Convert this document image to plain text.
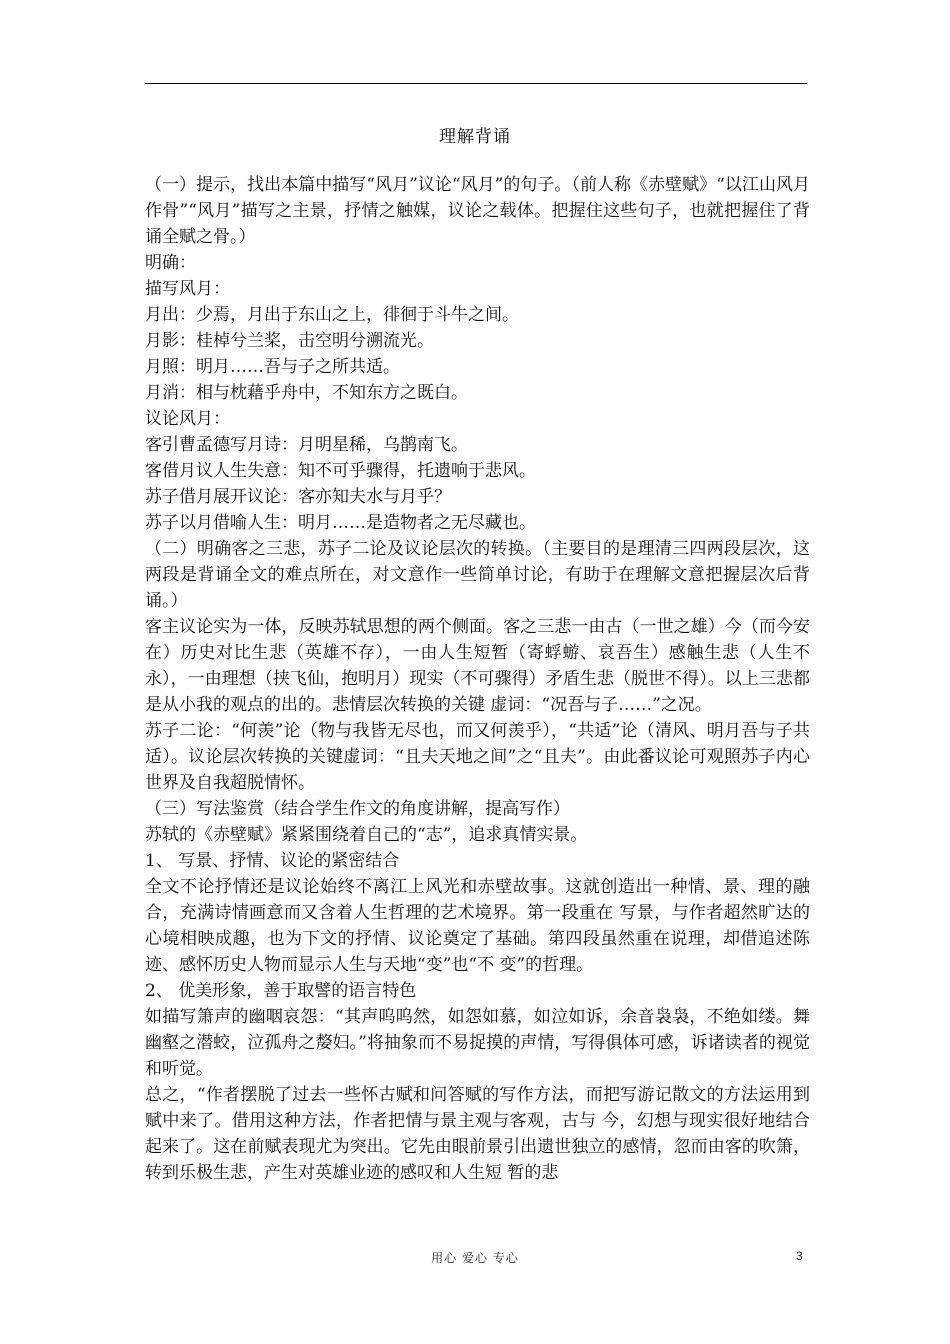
理解背诵

（一）提示，找出本篇中描写“风月”议论“风月”的句子。（前人称《赤壁赋》“以江山风月作骨”“风月”描写之主景，抒情之触媒，议论之载体。把握住这些句子，也就把握住了背诵全赋之骨。）

明确：

描写风月：

月出：少焉，月出于东山之上，徘徊于斗牛之间。

月影：桂棹兮兰桨，击空明兮溯流光。

月照：明月……吾与子之所共适。

月消：相与枕藉乎舟中，不知东方之既白。

议论风月：

客引曹孟德写月诗：月明星稀，乌鹊南飞。

客借月议人生失意：知不可乎骤得，托遗响于悲风。

苏子借月展开议论：客亦知夫水与月乎？

苏子以月借喻人生：明月……是造物者之无尽藏也。

（二）明确客之三悲，苏子二论及议论层次的转换。（主要目的是理清三四两段层次，这两段是背诵全文的难点所在，对文意作一些简单讨论，有助于在理解文意把握层次后背诵。）

客主议论实为一体，反映苏轼思想的两个侧面。客之三悲一由古（一世之雄）今（而今安在）历史对比生悲（英雄不存），一由人生短暂（寄蜉蝣、哀吾生）感触生悲（人生不永），一由理想（挟飞仙，抱明月）现实（不可骤得）矛盾生悲（脱世不得）。以上三悲都是从小我的观点的出的。悲情层次转换的关键 虚词：“况吾与子……”之况。

苏子二论：“何羡”论（物与我皆无尽也，而又何羡乎），“共适”论（清风、明月吾与子共适）。议论层次转换的关键虚词：“且夫天地之间”之“且夫”。由此番议论可观照苏子内心世界及自我超脱情怀。

（三）写法鉴赏（结合学生作文的角度讲解，提高写作）

苏轼的《赤壁赋》紧紧围绕着自己的“志”，追求真情实景。

1、 写景、抒情、议论的紧密结合

全文不论抒情还是议论始终不离江上风光和赤壁故事。这就创造出一种情、景、理的融合，充满诗情画意而又含着人生哲理的艺术境界。第一段重在 写景，与作者超然旷达的心境相映成趣，也为下文的抒情、议论奠定了基础。第四段虽然重在说理，却借追述陈迹、感怀历史人物而显示人生与天地“变”也“不 变”的哲理。

2、 优美形象，善于取譬的语言特色

如描写箫声的幽咽哀怨：“其声呜呜然，如怨如慕，如泣如诉，余音袅袅，不绝如缕。舞幽壑之潜蛟，泣孤舟之嫠妇。”将抽象而不易捉摸的声情，写得俱体可感，诉诸读者的视觉和听觉。

总之，“作者摆脱了过去一些怀古赋和问答赋的写作方法，而把写游记散文的方法运用到赋中来了。借用这种方法，作者把情与景主观与客观，古与 今，幻想与现实很好地结合起来了。这在前赋表现尤为突出。它先由眼前景引出遗世独立的感情，忽而由客的吹箫，转到乐极生悲，产生对英雄业迹的感叹和人生短 暂的悲

用心 爱心 专心	3
